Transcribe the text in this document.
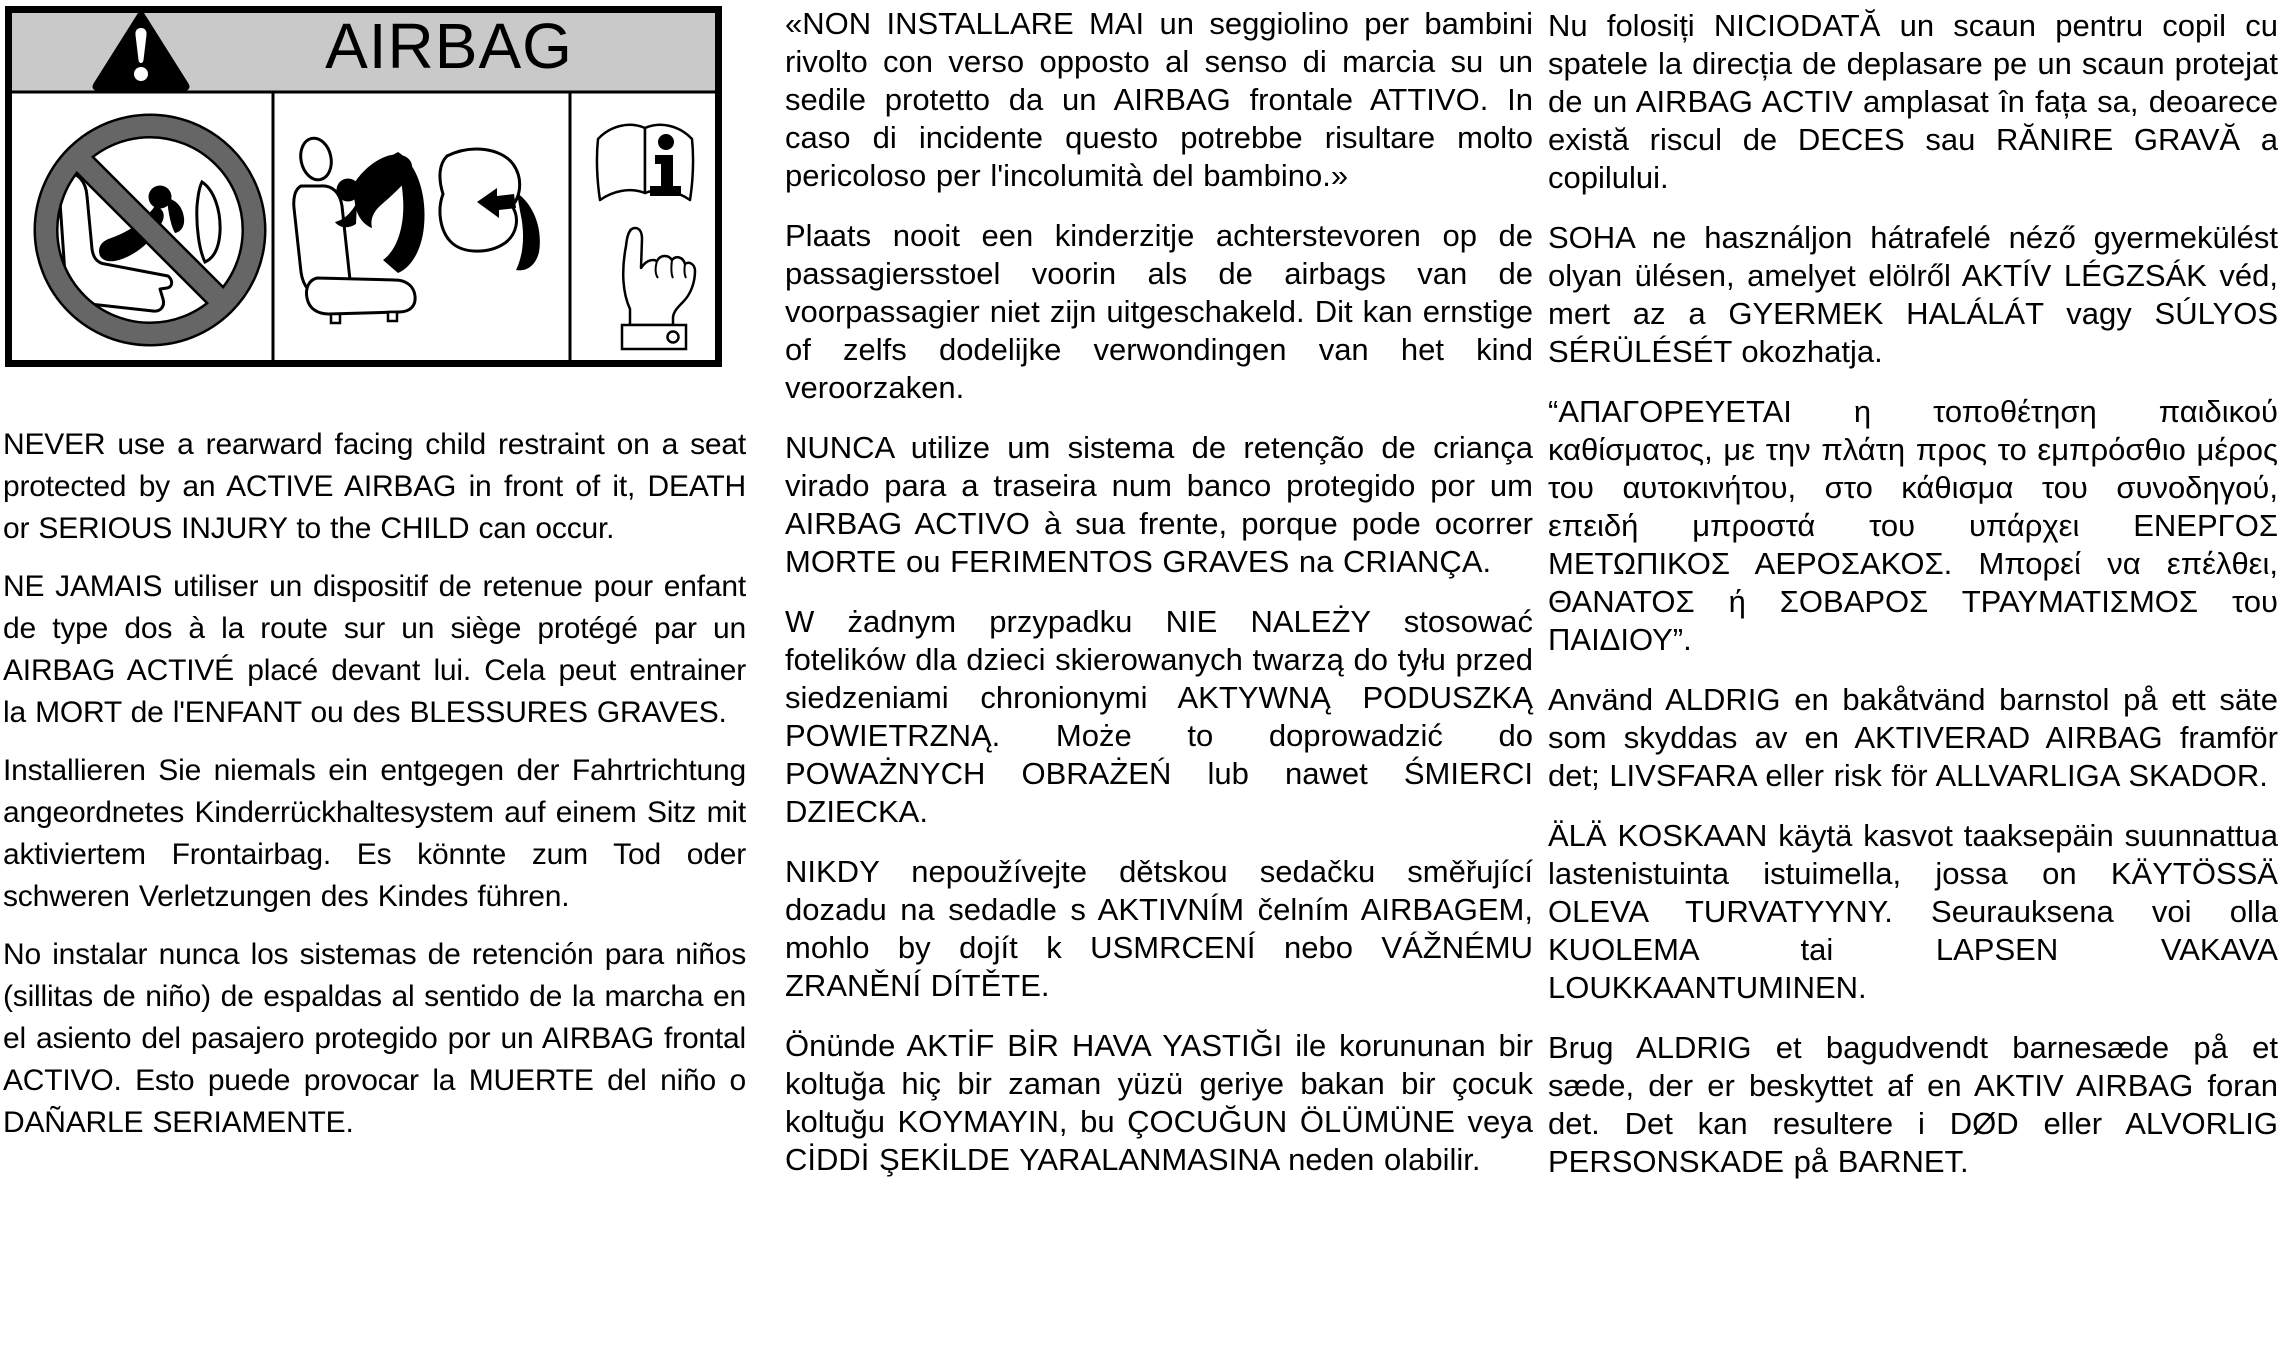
AIRBAG

NEVER use a rearward facing child restraint on a seat protected by an ACTIVE AIRBAG in front of it, DEATH or SERIOUS INJURY to the CHILD can occur.

NE JAMAIS utiliser un dispositif de retenue pour enfant de type dos à la route sur un siège protégé par un AIRBAG ACTIVÉ placé devant lui. Cela peut entrainer la MORT de l'ENFANT ou des BLESSURES GRAVES.

Installieren Sie niemals ein entgegen der Fahrtrichtung angeordnetes Kinderrückhaltesystem auf einem Sitz mit aktiviertem Frontairbag. Es könnte zum Tod oder schweren Verletzungen des Kindes führen.

No instalar nunca los sistemas de retención para niños (sillitas de niño) de espaldas al sentido de la marcha en el asiento del pasajero protegido por un AIRBAG frontal ACTIVO. Esto puede provocar la MUERTE del niño o DAÑARLE SERIAMENTE.

«NON INSTALLARE MAI un seggiolino per bambini rivolto con verso opposto al senso di marcia su un sedile protetto da un AIRBAG frontale ATTIVO. In caso di incidente questo potrebbe risultare molto pericoloso per l'incolumità del bambino.»

Plaats nooit een kinderzitje achterstevoren op de passagiersstoel voorin als de airbags van de voorpassagier niet zijn uitgeschakeld. Dit kan ernstige of zelfs dodelijke verwondingen van het kind veroorzaken.

NUNCA utilize um sistema de retenção de criança virado para a traseira num banco protegido por um AIRBAG ACTIVO à sua frente, porque pode ocorrer MORTE ou FERIMENTOS GRAVES na CRIANÇA.

W żadnym przypadku NIE NALEŻY stosować fotelików dla dzieci skierowanych twarzą do tyłu przed siedzeniami chronionymi AKTYWNĄ PODUSZKĄ POWIETRZNĄ. Może to doprowadzić do POWAŻNYCH OBRAŻEŃ lub nawet ŚMIERCI DZIECKA.

NIKDY nepoužívejte dětskou sedačku směřující dozadu na sedadle s AKTIVNÍM čelním AIRBAGEM, mohlo by dojít k USMRCENÍ nebo VÁŽNÉMU ZRANĚNÍ DÍTĚTE.

Önünde AKTİF BİR HAVA YASTIĞI ile korununan bir koltuğa hiç bir zaman yüzü geriye bakan bir çocuk koltuğu KOYMAYIN, bu ÇOCUĞUN ÖLÜMÜNE veya CİDDİ ŞEKİLDE YARALANMASINA neden olabilir.

Nu folosiți NICIODATĂ un scaun pentru copil cu spatele la direcția de deplasare pe un scaun protejat de un AIRBAG ACTIV amplasat în fața sa, deoarece există riscul de DECES sau RĂNIRE GRAVĂ a copilului.

SOHA ne használjon hátrafelé néző gyermekülést olyan ülésen, amelyet elölről AKTÍV LÉGZSÁK véd, mert az a GYERMEK HALÁLÁT vagy SÚLYOS SÉRÜLÉSÉT okozhatja.

“ΑΠΑΓΟΡΕΥΕΤΑΙ η τοποθέτηση παιδικού καθίσματος, με την πλάτη προς το εμπρόσθιο μέρος του αυτοκινήτου, στο κάθισμα του συνοδηγού, επειδή μπροστά του υπάρχει ΕΝΕΡΓΟΣ ΜΕΤΩΠΙΚΟΣ ΑΕΡΟΣΑΚΟΣ. Μπορεί να επέλθει, ΘΑΝΑΤΟΣ ή ΣΟΒΑΡΟΣ ΤΡΑΥΜΑΤΙΣΜΟΣ του ΠΑΙΔΙΟΥ”.

Använd ALDRIG en bakåtvänd barnstol på ett säte som skyddas av en AKTIVERAD AIRBAG framför det; LIVSFARA eller risk för ALLVARLIGA SKADOR.

ÄLÄ KOSKAAN käytä kasvot taaksepäin suunnattua lastenistuinta istuimella, jossa on KÄYTÖSSÄ OLEVA TURVATYYNY. Seurauksena voi olla KUOLEMA tai LAPSEN VAKAVA LOUKKAANTUMINEN.

Brug ALDRIG et bagudvendt barnesæde på et sæde, der er beskyttet af en AKTIV AIRBAG foran det. Det kan resultere i DØD eller ALVORLIG PERSONSKADE på BARNET.
